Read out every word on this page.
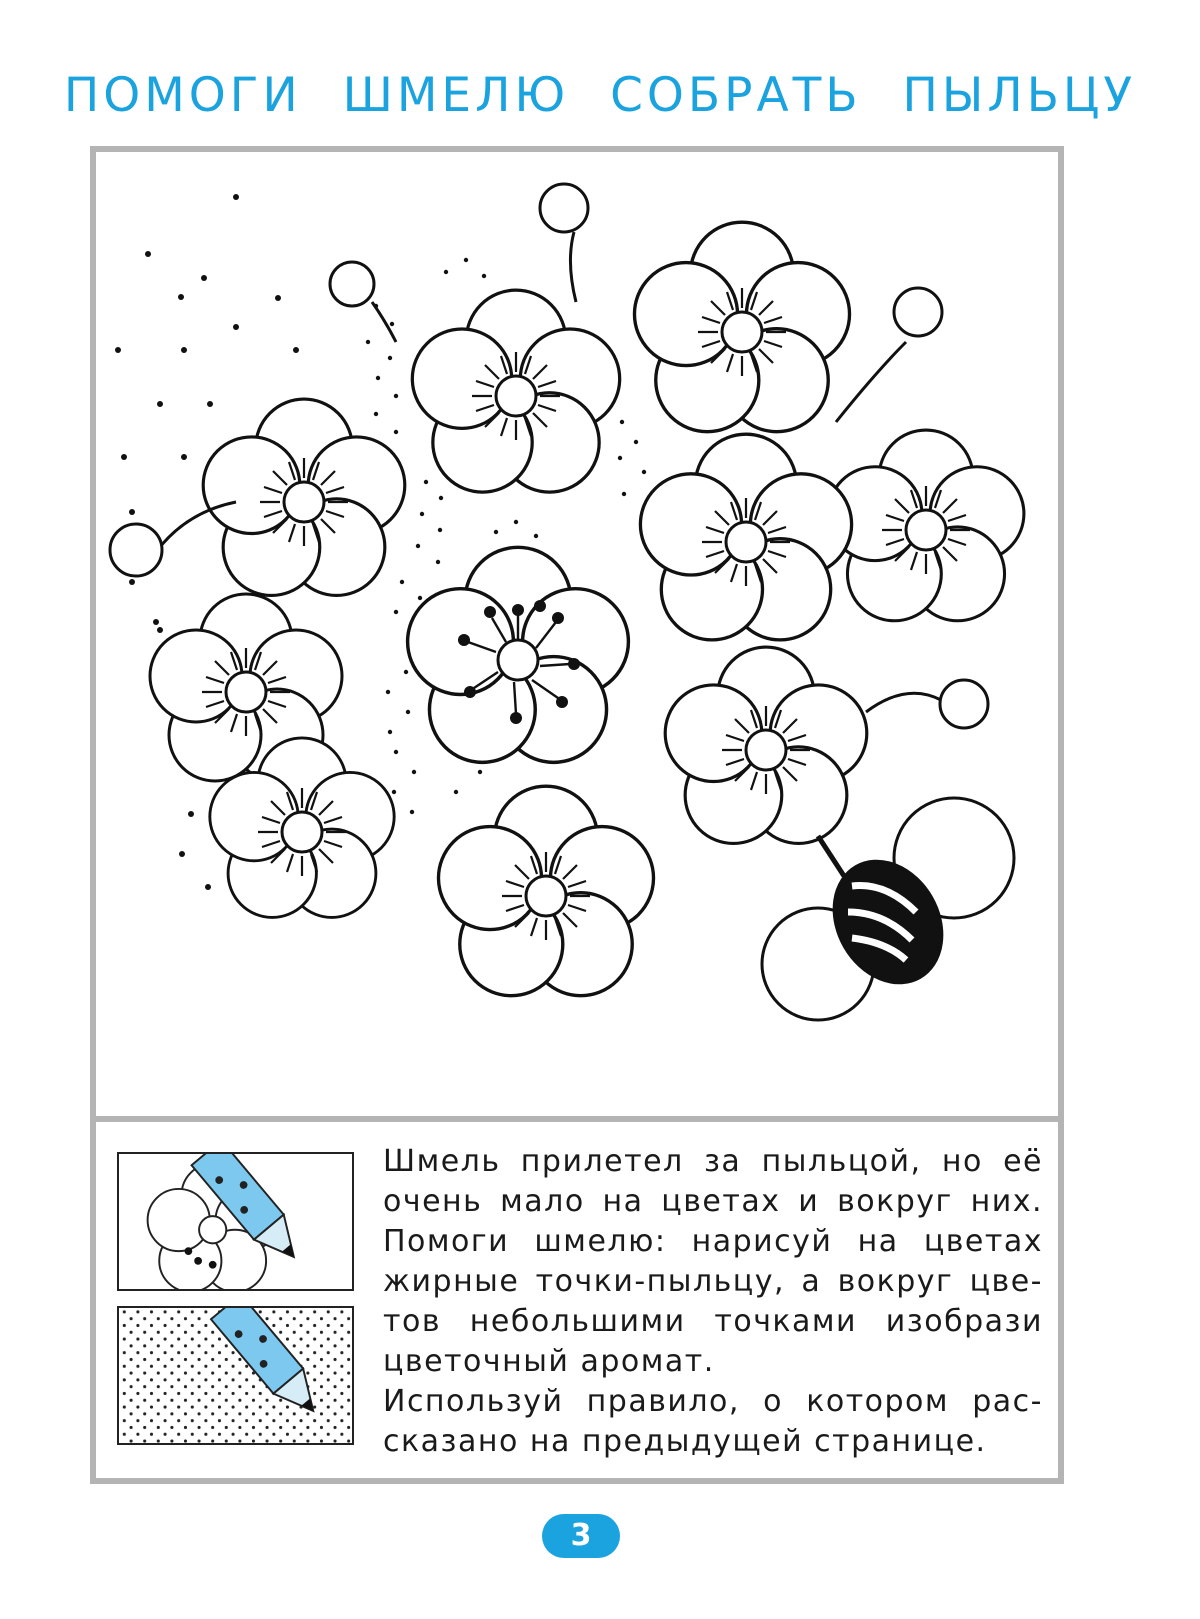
ПОМОГИ ШМЕЛЮ СОБРАТЬ ПЫЛЬЦУ

Шмель прилетел за пыльцой, но её

очень мало на цветах и вокруг них.

Помоги шмелю: нарисуй на цветах

жирные точки-пыльцу, а вокруг цве-

тов небольшими точками изобрази

цветочный аромат.

Используй правило, о котором рас-

сказано на предыдущей странице.

3
